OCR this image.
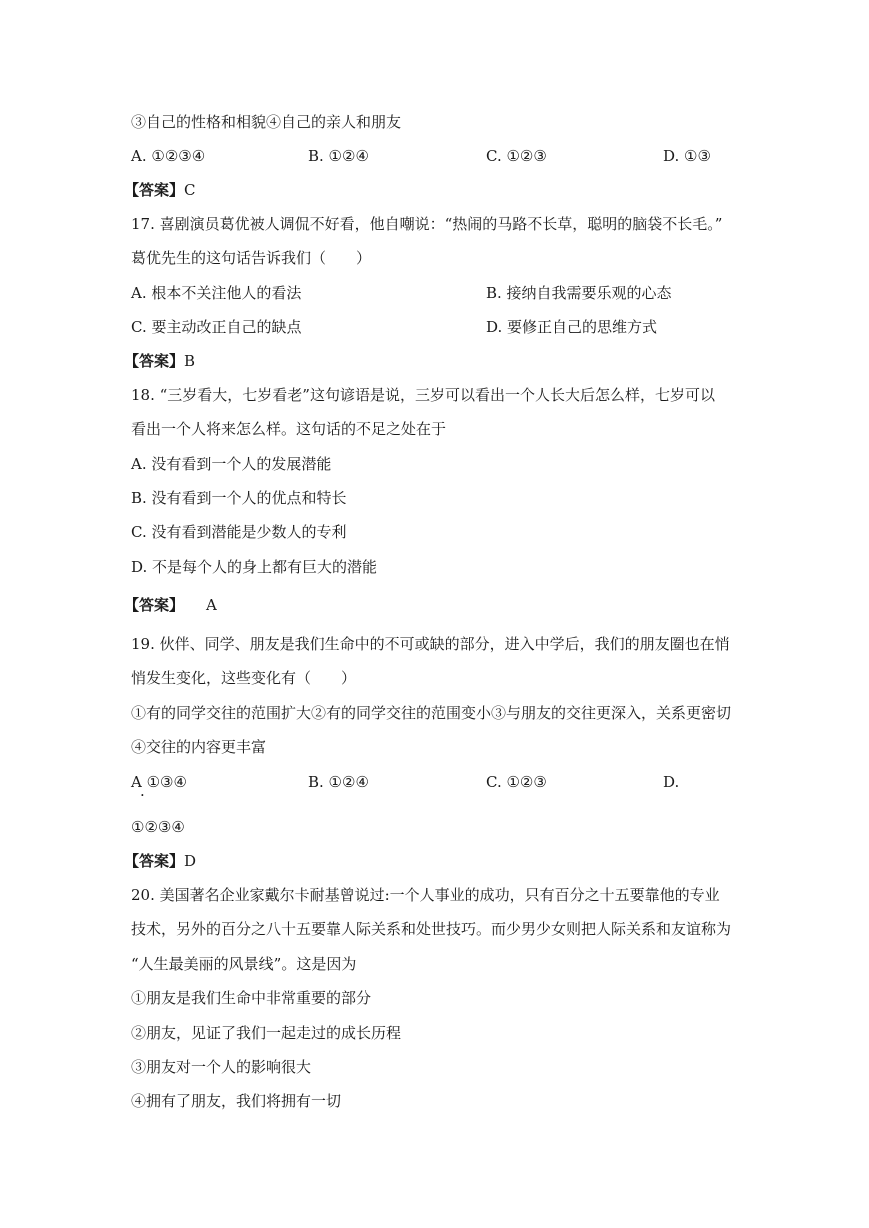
③自己的性格和相貌④自己的亲人和朋友
A. ①②③④	B. ①②④	C. ①②③	D. ①③
【答案】C
17. 喜剧演员葛优被人调侃不好看，他自嘲说：“热闹的马路不长草，聪明的脑袋不长毛。”
葛优先生的这句话告诉我们（　　）
A. 根本不关注他人的看法	B. 接纳自我需要乐观的心态
C. 要主动改正自己的缺点	D. 要修正自己的思维方式
【答案】B
18. “三岁看大，七岁看老”这句谚语是说，三岁可以看出一个人长大后怎么样，七岁可以
看出一个人将来怎么样。这句话的不足之处在于
A. 没有看到一个人的发展潜能
B. 没有看到一个人的优点和特长
C. 没有看到潜能是少数人的专利
D. 不是每个人的身上都有巨大的潜能
【答案】 A
19. 伙伴、同学、朋友是我们生命中的不可或缺的部分，进入中学后，我们的朋友圈也在悄
悄发生变化，这些变化有（　　）
①有的同学交往的范围扩大②有的同学交往的范围变小③与朋友的交往更深入，关系更密切
④交往的内容更丰富
A ①③④
·
B. ①②④	C. ①②③	D.
①②③④
【答案】D
20. 美国著名企业家戴尔卡耐基曾说过:一个人事业的成功，只有百分之十五要靠他的专业
技术，另外的百分之八十五要靠人际关系和处世技巧。而少男少女则把人际关系和友谊称为
“人生最美丽的风景线”。这是因为
①朋友是我们生命中非常重要的部分
②朋友，见证了我们一起走过的成长历程
③朋友对一个人的影响很大
④拥有了朋友，我们将拥有一切
